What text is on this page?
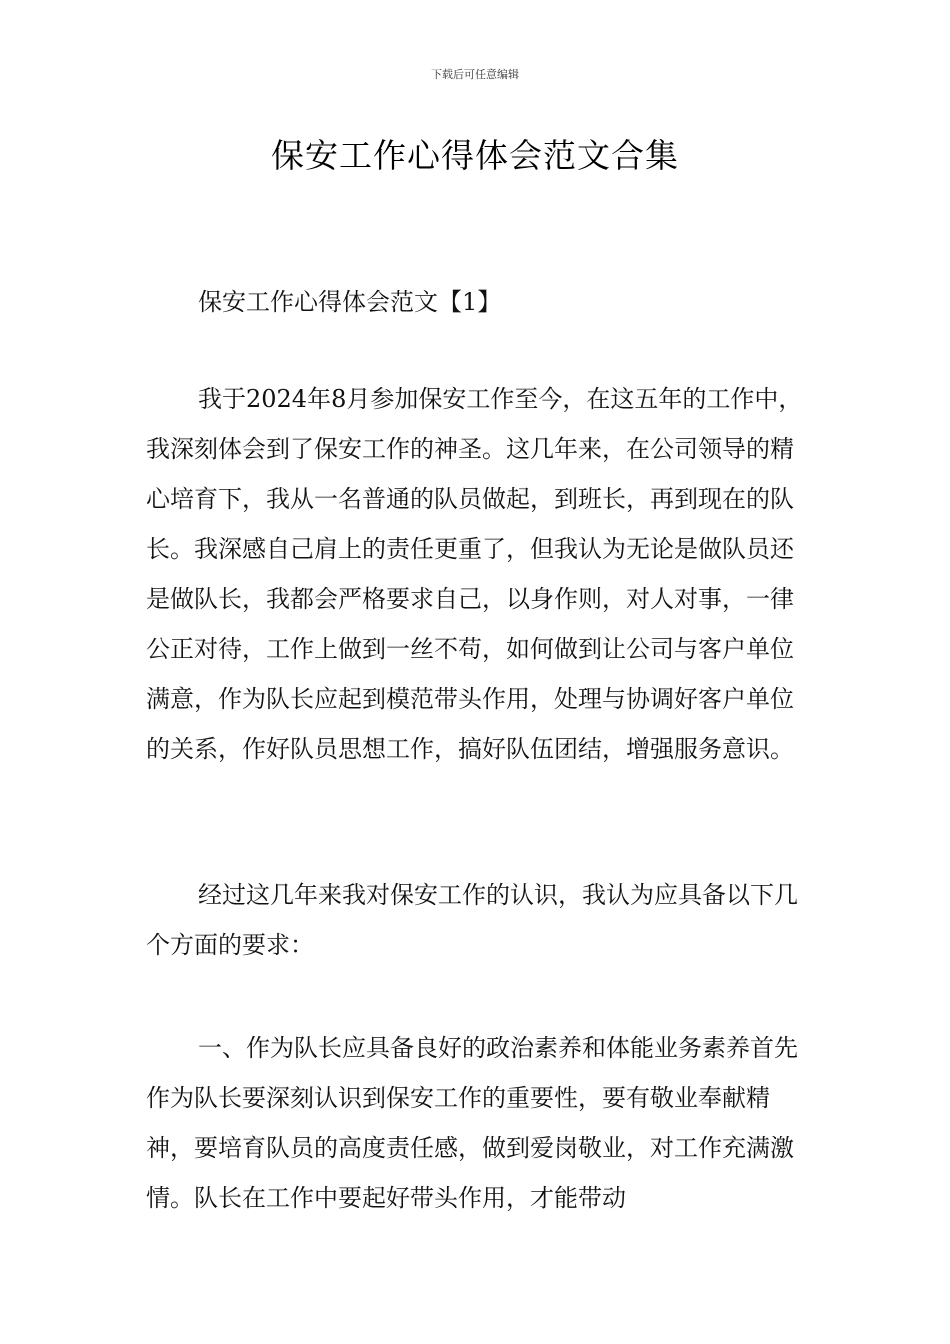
下载后可任意编辑
保安工作心得体会范文合集
保安工作心得体会范文【1】

我于2024年8月参加保安工作至今，在这五年的工作中，我深刻体会到了保安工作的神圣。这几年来，在公司领导的精心培育下，我从一名普通的队员做起，到班长，再到现在的队长。我深感自己肩上的责任更重了，但我认为无论是做队员还是做队长，我都会严格要求自己，以身作则，对人对事，一律公正对待，工作上做到一丝不苟，如何做到让公司与客户单位满意，作为队长应起到模范带头作用，处理与协调好客户单位的关系，作好队员思想工作，搞好队伍团结，增强服务意识。

经过这几年来我对保安工作的认识，我认为应具备以下几个方面的要求：

一、作为队长应具备良好的政治素养和体能业务素养首先作为队长要深刻认识到保安工作的重要性，要有敬业奉献精神，要培育队员的高度责任感，做到爱岗敬业，对工作充满激情。队长在工作中要起好带头作用，才能带动
